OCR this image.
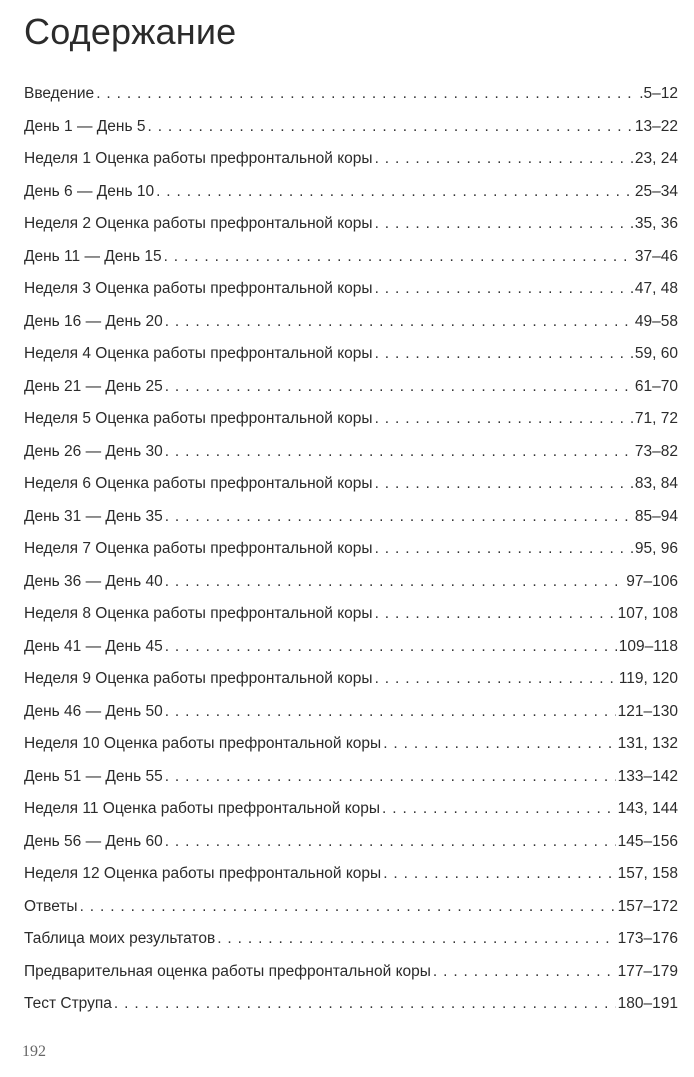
Содержание
Введение . . .	.5–12
День 1 — День 5 . . .	13–22
Неделя 1 Оценка работы префронтальной коры . . .	23, 24
День 6 — День 10 . . .	25–34
Неделя 2 Оценка работы префронтальной коры . . .	35, 36
День 11 — День 15 . . .	37–46
Неделя 3 Оценка работы префронтальной коры . . .	47, 48
День 16 — День 20 . . .	49–58
Неделя 4 Оценка работы префронтальной коры . . .	59, 60
День 21 — День 25 . . .	61–70
Неделя 5 Оценка работы префронтальной коры . . .	71, 72
День 26 — День 30 . . .	73–82
Неделя 6 Оценка работы префронтальной коры . . .	83, 84
День 31 — День 35 . . .	85–94
Неделя 7 Оценка работы префронтальной коры . . .	95, 96
День 36 — День 40 . . .	97–106
Неделя 8 Оценка работы префронтальной коры . . .	107, 108
День 41 — День 45 . . .	109–118
Неделя 9 Оценка работы префронтальной коры . . .	119, 120
День 46 — День 50 . . .	121–130
Неделя 10 Оценка работы префронтальной коры . . .	131, 132
День 51 — День 55 . . .	133–142
Неделя 11 Оценка работы префронтальной коры . . .	143, 144
День 56 — День 60 . . .	145–156
Неделя 12 Оценка работы префронтальной коры . . .	157, 158
Ответы . . .	157–172
Таблица моих результатов . . .	173–176
Предварительная оценка работы префронтальной коры . . .	177–179
Тест Струпа . . .	180–191
192
